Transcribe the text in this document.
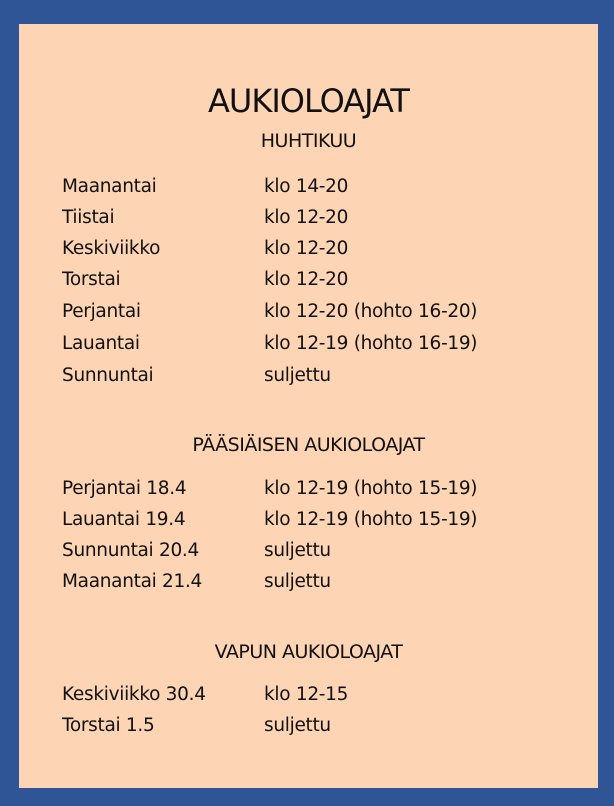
AUKIOLOAJAT
HUHTIKUU
Maanantai	klo 14-20
Tiistai	klo 12-20
Keskiviikko	klo 12-20
Torstai	klo 12-20
Perjantai	klo 12-20 (hohto 16-20)
Lauantai	klo 12-19 (hohto 16-19)
Sunnuntai	suljettu
PÄÄSIÄISEN AUKIOLOAJAT
Perjantai 18.4	klo 12-19 (hohto 15-19)
Lauantai 19.4	klo 12-19 (hohto 15-19)
Sunnuntai 20.4	suljettu
Maanantai 21.4	suljettu
VAPUN AUKIOLOAJAT
Keskiviikko 30.4	klo 12-15
Torstai 1.5	suljettu
